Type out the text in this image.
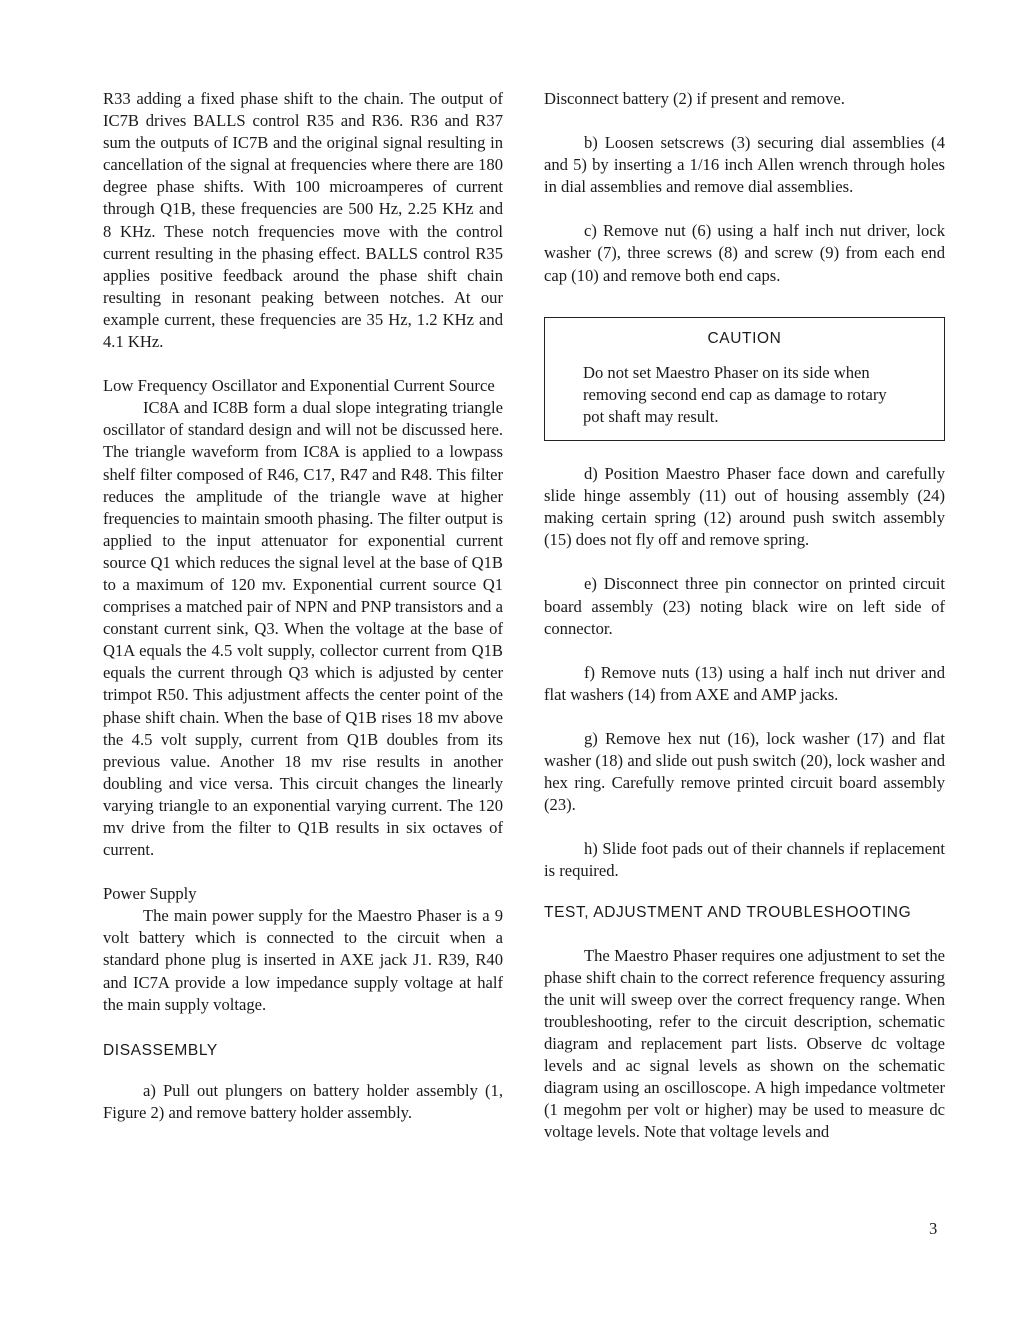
R33 adding a fixed phase shift to the chain. The output of IC7B drives BALLS control R35 and R36. R36 and R37 sum the outputs of IC7B and the original signal resulting in cancellation of the signal at frequencies where there are 180 degree phase shifts. With 100 microamperes of current through Q1B, these frequencies are 500 Hz, 2.25 KHz and 8 KHz. These notch frequencies move with the control current resulting in the phasing effect. BALLS control R35 applies positive feedback around the phase shift chain resulting in resonant peaking between notches. At our example current, these frequencies are 35 Hz, 1.2 KHz and 4.1 KHz.

Low Frequency Oscillator and Exponential Current Source

IC8A and IC8B form a dual slope integrating triangle oscillator of standard design and will not be discussed here. The triangle waveform from IC8A is applied to a lowpass shelf filter composed of R46, C17, R47 and R48. This filter reduces the amplitude of the triangle wave at higher frequencies to maintain smooth phasing. The filter output is applied to the input attenuator for exponential current source Q1 which reduces the signal level at the base of Q1B to a maximum of 120 mv. Exponential current source Q1 comprises a matched pair of NPN and PNP transistors and a constant current sink, Q3. When the voltage at the base of Q1A equals the 4.5 volt supply, collector current from Q1B equals the current through Q3 which is adjusted by center trimpot R50. This adjustment affects the center point of the phase shift chain. When the base of Q1B rises 18 mv above the 4.5 volt supply, current from Q1B doubles from its previous value. Another 18 mv rise results in another doubling and vice versa. This circuit changes the linearly varying triangle to an exponential varying current. The 120 mv drive from the filter to Q1B results in six octaves of current.

Power Supply

The main power supply for the Maestro Phaser is a 9 volt battery which is connected to the circuit when a standard phone plug is inserted in AXE jack J1. R39, R40 and IC7A provide a low impedance supply voltage at half the main supply voltage.

DISASSEMBLY

a) Pull out plungers on battery holder assembly (1, Figure 2) and remove battery holder assembly.

Disconnect battery (2) if present and remove.

b) Loosen setscrews (3) securing dial assemblies (4 and 5) by inserting a 1/16 inch Allen wrench through holes in dial assemblies and remove dial assemblies.

c) Remove nut (6) using a half inch nut driver, lock washer (7), three screws (8) and screw (9) from each end cap (10) and remove both end caps.

CAUTION

Do not set Maestro Phaser on its side when removing second end cap as damage to rotary pot shaft may result.

d) Position Maestro Phaser face down and carefully slide hinge assembly (11) out of housing assembly (24) making certain spring (12) around push switch assembly (15) does not fly off and remove spring.

e) Disconnect three pin connector on printed circuit board assembly (23) noting black wire on left side of connector.

f) Remove nuts (13) using a half inch nut driver and flat washers (14) from AXE and AMP jacks.

g) Remove hex nut (16), lock washer (17) and flat washer (18) and slide out push switch (20), lock washer and hex ring. Carefully remove printed circuit board assembly (23).

h) Slide foot pads out of their channels if replacement is required.

TEST, ADJUSTMENT AND TROUBLESHOOTING

The Maestro Phaser requires one adjustment to set the phase shift chain to the correct reference frequency assuring the unit will sweep over the correct frequency range. When troubleshooting, refer to the circuit description, schematic diagram and replacement part lists. Observe dc voltage levels and ac signal levels as shown on the schematic diagram using an oscilloscope. A high impedance voltmeter (1 megohm per volt or higher) may be used to measure dc voltage levels. Note that voltage levels and

3
